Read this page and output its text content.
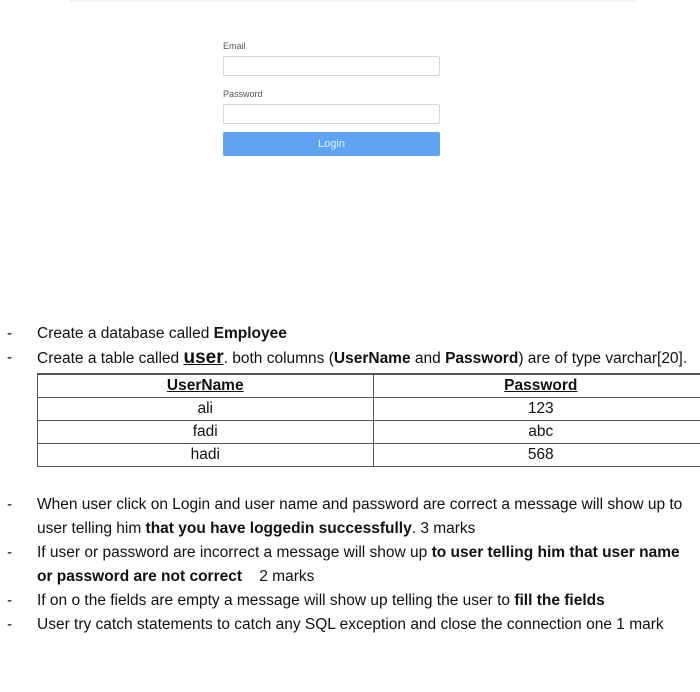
Email
Password
Login
- Create a database called Employee
- Create a table called user. both columns (UserName and Password) are of type varchar[20].
UserName	Password
ali	123
fadi	abc
hadi	568
- When user click on Login and user name and password are correct a message will show up to user telling him that you have loggedin successfully. 3 marks
- If user or password are incorrect a message will show up to user telling him that user name or password are not correct    2 marks
- If on o the fields are empty a message will show up telling the user to fill the fields
- User try catch statements to catch any SQL exception and close the connection one 1 mark
